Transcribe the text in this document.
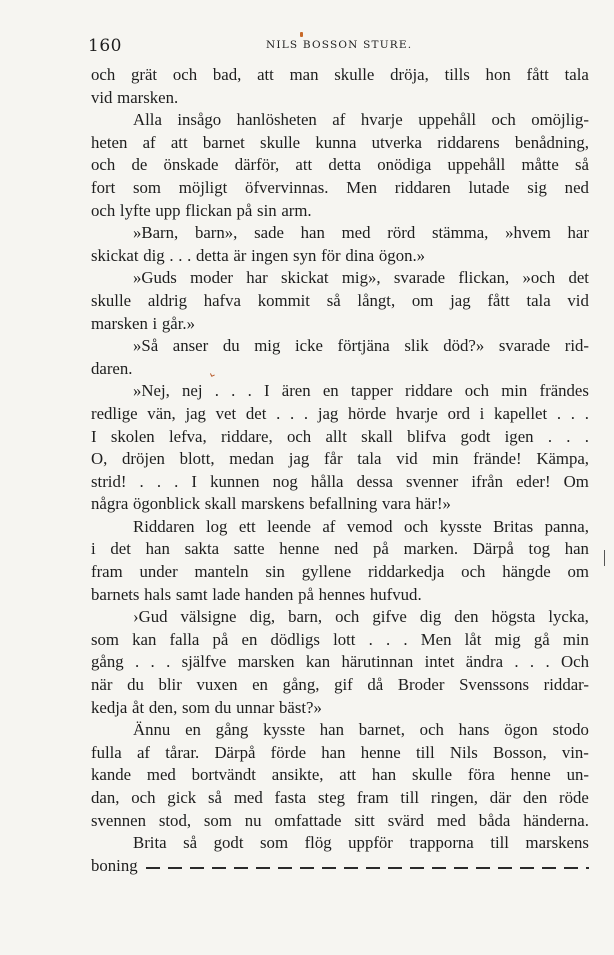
⌄
160	NILS BOSSON STURE.
och grät och bad, att man skulle dröja, tills hon fått tala
vid marsken.
Alla insågo hanlösheten af hvarje uppehåll och omöjlig-
heten af att barnet skulle kunna utverka riddarens benådning,
och de önskade därför, att detta onödiga uppehåll måtte så
fort som möjligt öfvervinnas. Men riddaren lutade sig ned
och lyfte upp flickan på sin arm.
»Barn, barn», sade han med rörd stämma, »hvem har
skickat dig . . . detta är ingen syn för dina ögon.»
»Guds moder har skickat mig», svarade flickan, »och det
skulle aldrig hafva kommit så långt, om jag fått tala vid
marsken i går.»
»Så anser du mig icke förtjäna slik död?» svarade rid-
daren.
»Nej, nej . . . I ären en tapper riddare och min frändes
redlige vän, jag vet det . . . jag hörde hvarje ord i kapellet . . .
I skolen lefva, riddare, och allt skall blifva godt igen . . .
O, dröjen blott, medan jag får tala vid min frände! Kämpa,
strid! . . . I kunnen nog hålla dessa svenner ifrån eder! Om
några ögonblick skall marskens befallning vara här!»
Riddaren log ett leende af vemod och kysste Britas panna,
i det han sakta satte henne ned på marken. Därpå tog han
fram under manteln sin gyllene riddarkedja och hängde om
barnets hals samt lade handen på hennes hufvud.
›Gud välsigne dig, barn, och gifve dig den högsta lycka,
som kan falla på en dödligs lott . . . Men låt mig gå min
gång . . . själfve marsken kan härutinnan intet ändra . . . Och
när du blir vuxen en gång, gif då Broder Svenssons riddar-
kedja åt den, som du unnar bäst?»
Ännu en gång kysste han barnet, och hans ögon stodo
fulla af tårar. Därpå förde han henne till Nils Bosson, vin-
kande med bortvändt ansikte, att han skulle föra henne un-
dan, och gick så med fasta steg fram till ringen, där den röde
svennen stod, som nu omfattade sitt svärd med båda händerna.
Brita så godt som flög uppför trapporna till marskens
boning
